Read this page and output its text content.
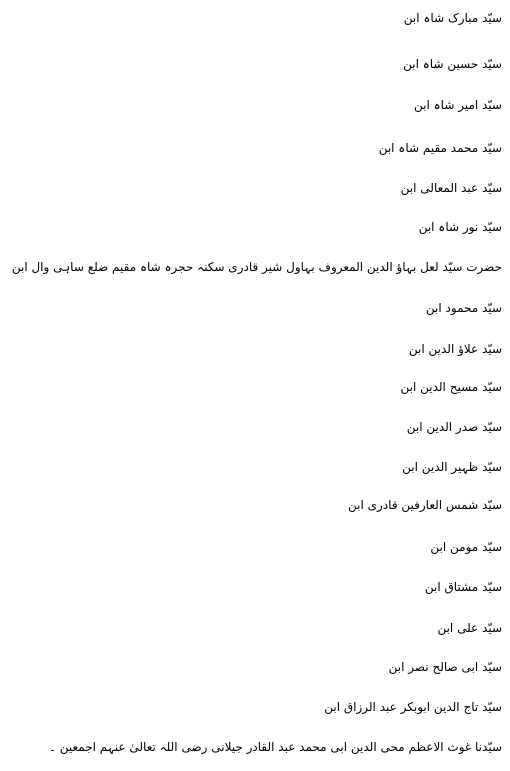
سیّد مبارک شاہ ابن
سیّد حسین شاہ ابن
سیّد امیر شاہ ابن
سیّد محمد مقیم شاہ ابن
سیّد عبد المعالی ابن
سیّد نور شاہ ابن
حضرت سیّد لعل بہاؤ الدین المعروف بہاول شیر قادری سکنہ حجرہ شاہ مقیم ضلع ساہی وال ابن
سیّد محمود ابن
سیّد علاؤ الدین ابن
سیّد مسیح الدین ابن
سیّد صدر الدین ابن
سیّد ظہیر الدین ابن
سیّد شمس العارفین قادری ابن
سیّد مومن ابن
سیّد مشتاق ابن
سیّد علی ابن
سیّد ابی صالح نصر ابن
سیّد تاج الدین ابوبکر عبد الرزاق ابن
سیّدنا غوث الاعظم محی الدین ابی محمد عبد القادر جیلانی رضی اللہ تعالیٰ عنہم اجمعین ۔
